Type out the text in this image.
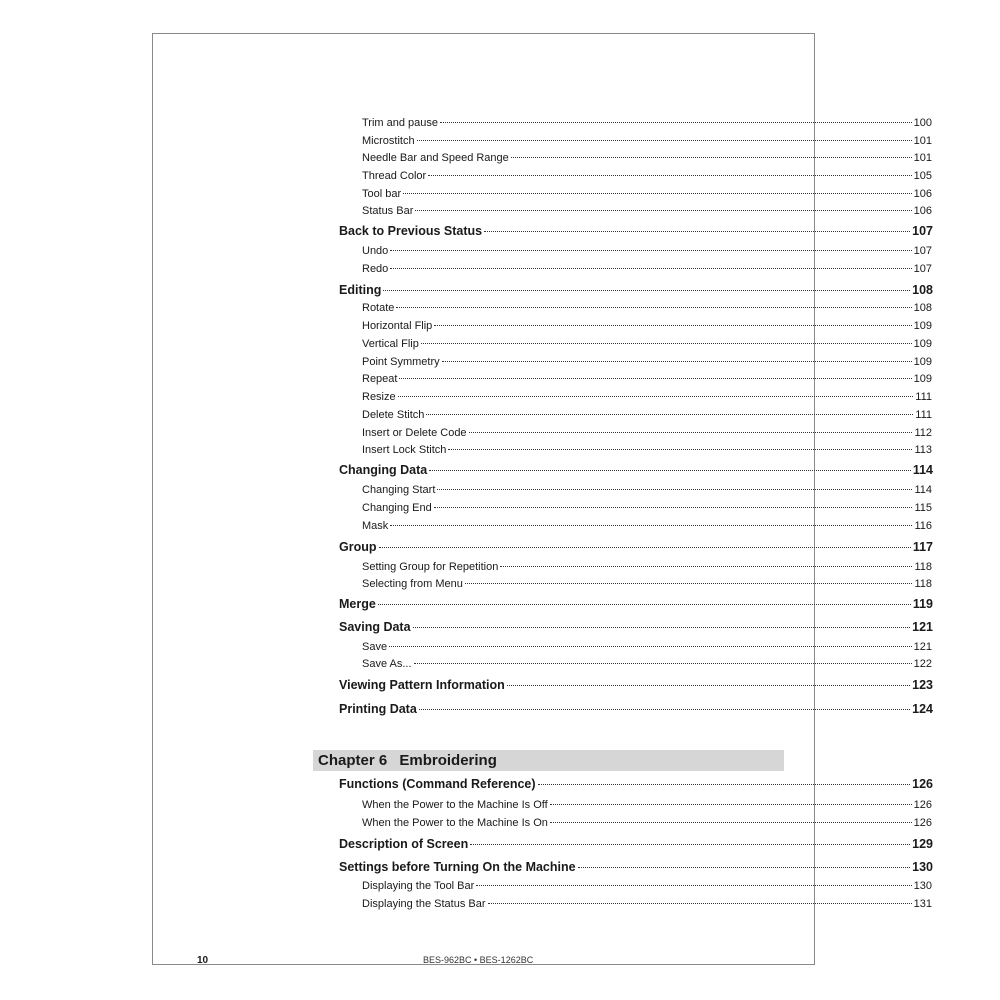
Trim and pause	100
Microstitch	101
Needle Bar and Speed Range	101
Thread Color	105
Tool bar	106
Status Bar	106
Back to Previous Status	107
Undo	107
Redo	107
Editing	108
Rotate	108
Horizontal Flip	109
Vertical Flip	109
Point Symmetry	109
Repeat	109
Resize	111
Delete Stitch	111
Insert or Delete Code	112
Insert Lock Stitch	113
Changing Data	114
Changing Start	114
Changing End	115
Mask	116
Group	117
Setting Group for Repetition	118
Selecting from Menu	118
Merge	119
Saving Data	121
Save	121
Save As...	122
Viewing Pattern Information	123
Printing Data	124
Functions (Command Reference)	126
When the Power to the Machine Is Off	126
When the Power to the Machine Is On	126
Description of Screen	129
Settings before Turning On the Machine	130
Displaying the Tool Bar	130
Displaying the Status Bar	131
Chapter 6 Embroidering
10	BES-962BC • BES-1262BC
